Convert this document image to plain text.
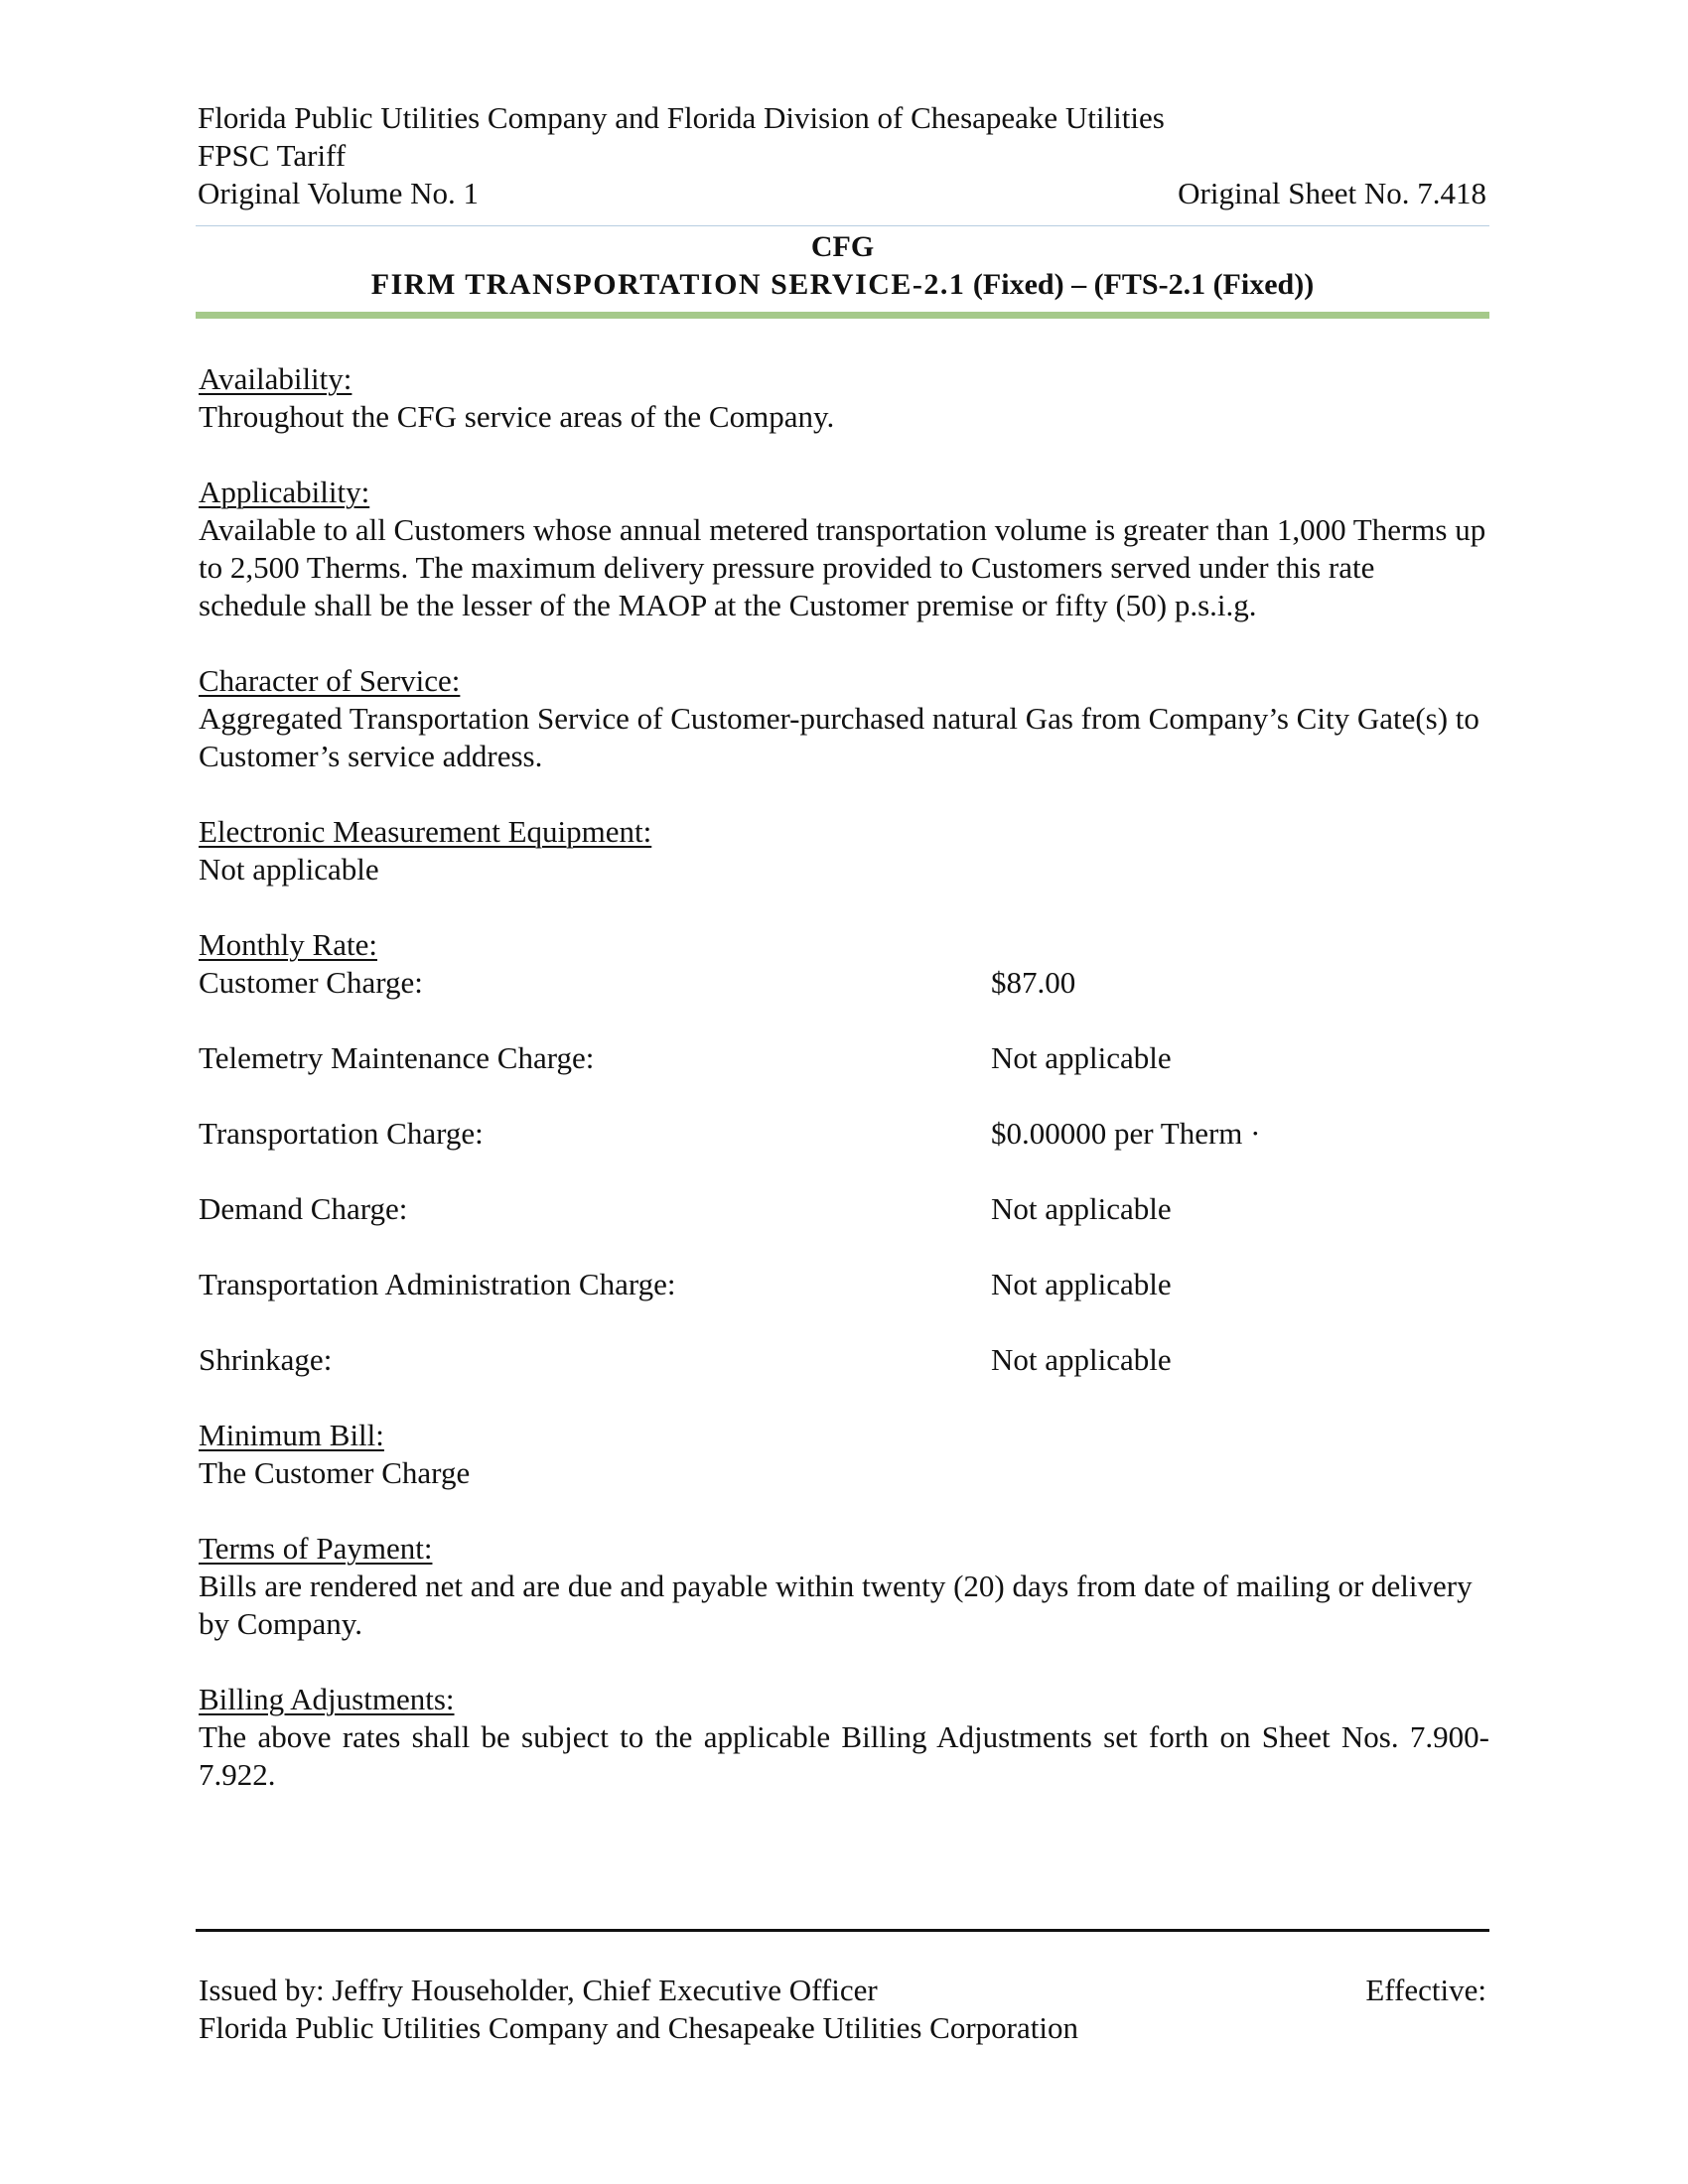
Florida Public Utilities Company and Florida Division of Chesapeake Utilities
FPSC Tariff
Original Volume No. 1	Original Sheet No. 7.418
CFG
FIRM TRANSPORTATION SERVICE-2.1 (Fixed) – (FTS-2.1 (Fixed))
Availability:
Throughout the CFG service areas of the Company.
Applicability:
Available to all Customers whose annual metered transportation volume is greater than 1,000 Therms up to 2,500 Therms. The maximum delivery pressure provided to Customers served under this rate schedule shall be the lesser of the MAOP at the Customer premise or fifty (50) p.s.i.g.
Character of Service:
Aggregated Transportation Service of Customer-purchased natural Gas from Company’s City Gate(s) to Customer’s service address.
Electronic Measurement Equipment:
Not applicable
Monthly Rate:
Customer Charge:	$87.00
Telemetry Maintenance Charge:	Not applicable
Transportation Charge:	$0.00000 per Therm ·
Demand Charge:	Not applicable
Transportation Administration Charge:	Not applicable
Shrinkage:	Not applicable
Minimum Bill:
The Customer Charge
Terms of Payment:
Bills are rendered net and are due and payable within twenty (20) days from date of mailing or delivery by Company.
Billing Adjustments:
The above rates shall be subject to the applicable Billing Adjustments set forth on Sheet Nos. 7.900-7.922.
Issued by: Jeffry Householder, Chief Executive Officer	Effective:
Florida Public Utilities Company and Chesapeake Utilities Corporation
